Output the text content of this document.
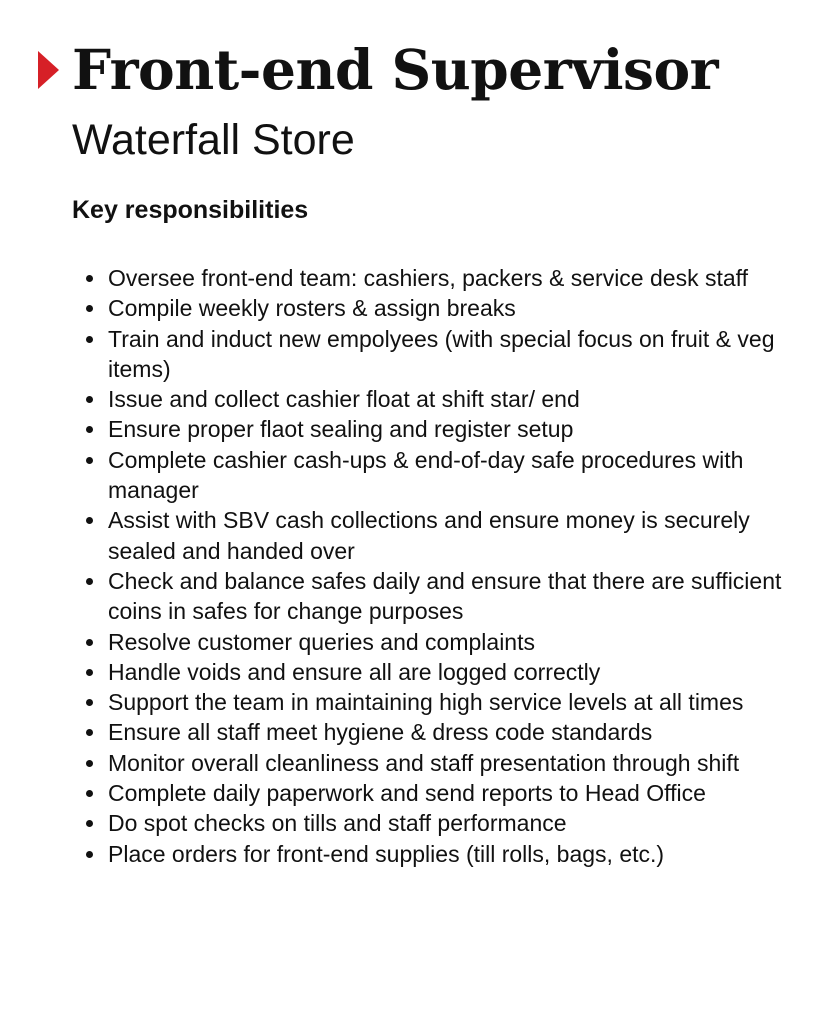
Front-end Supervisor
Waterfall Store
Key responsibilities
Oversee front-end team: cashiers, packers & service desk staff
Compile weekly rosters & assign breaks
Train and induct new empolyees (with special focus on fruit & veg items)
Issue and collect cashier float at shift star/ end
Ensure proper flaot sealing and register setup
Complete cashier cash-ups & end-of-day safe procedures with manager
Assist with SBV cash collections and ensure money is securely sealed and handed over
Check and balance safes daily and ensure that there are sufficient coins in safes for change purposes
Resolve customer queries and complaints
Handle voids and ensure all are logged correctly
Support the team in maintaining high service levels at all times
Ensure all staff meet hygiene & dress code standards
Monitor overall cleanliness and staff presentation through shift
Complete daily paperwork and send reports to Head Office
Do spot checks on tills and staff performance
Place orders for front-end supplies (till rolls, bags, etc.)
